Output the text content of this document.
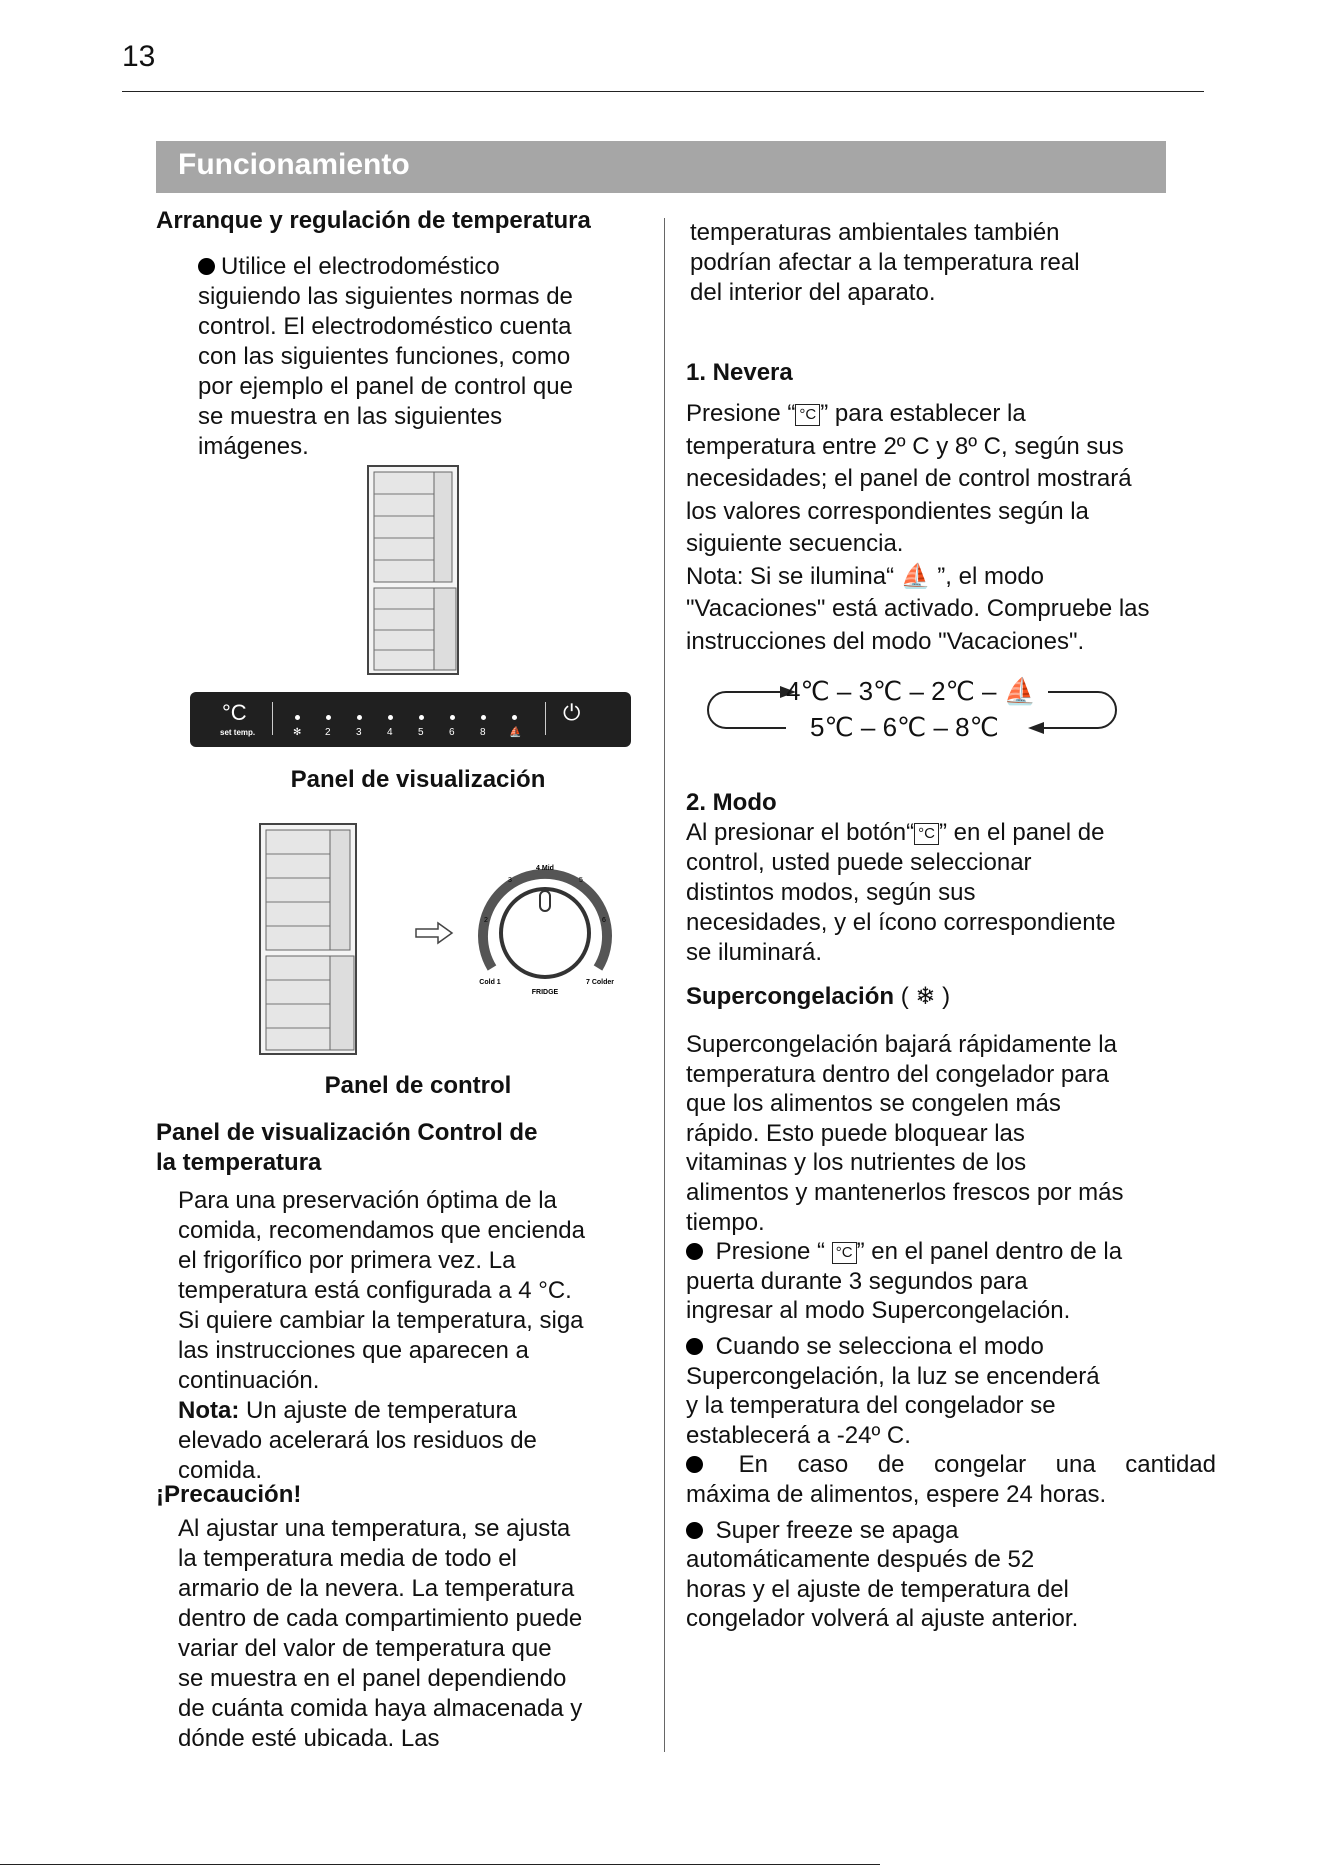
13
Funcionamiento
Arranque y regulación de temperatura
Utilice el electrodoméstico
siguiendo las siguientes normas de
control. El electrodoméstico cuenta
con las siguientes funciones, como
por ejemplo el panel de control que
se muestra en las siguientes
imágenes.
°C
set temp.	✻ 2	3	4	5	6	8 ⛵
⏻
Panel de visualización
4 Mid
5
6
3
2
Cold 1	7 Colder
FRIDGE
Panel de control
Panel de visualización Control de
la temperatura
Para una preservación óptima de la
comida, recomendamos que encienda
el frigorífico por primera vez. La
temperatura está configurada a 4 °C.
Si quiere cambiar la temperatura, siga
las instrucciones que aparecen a
continuación.
Nota: Un ajuste de temperatura
elevado acelerará los residuos de
comida.
¡Precaución!
Al ajustar una temperatura, se ajusta
la temperatura media de todo el
armario de la nevera. La temperatura
dentro de cada compartimiento puede
variar del valor de temperatura que
se muestra en el panel dependiendo
de cuánta comida haya almacenada y
dónde esté ubicada. Las
temperaturas ambientales también
podrían afectar a la temperatura real
del interior del aparato.
1. Nevera
Presione “ °C ” para establecer la
temperatura entre 2º C y 8º C, según sus
necesidades; el panel de control mostrará
los valores correspondientes según la
siguiente secuencia.
Nota: Si se ilumina“ ⛵ ”, el modo
"Vacaciones" está activado. Compruebe las
instrucciones del modo "Vacaciones".
4℃ – 3℃ – 2℃ – ⛵
5℃ – 6℃ – 8℃
2. Modo
Al presionar el botón“ °C ” en el panel de
control, usted puede seleccionar
distintos modos, según sus
necesidades, y el ícono correspondiente
se iluminará.
Supercongelación ( ❄ )
Supercongelación bajará rápidamente la
temperatura dentro del congelador para
que los alimentos se congelen más
rápido. Esto puede bloquear las
vitaminas y los nutrientes de los
alimentos y mantenerlos frescos por más
tiempo.
Presione “ °C ” en el panel dentro de la
puerta durante 3 segundos para
ingresar al modo Supercongelación.
Cuando se selecciona el modo
Supercongelación, la luz se encenderá
y la temperatura del congelador se
establecerá a -24º C.
En caso de congelar una cantidad
máxima de alimentos, espere 24 horas.
Super freeze se apaga
automáticamente después de 52
horas y el ajuste de temperatura del
congelador volverá al ajuste anterior.
